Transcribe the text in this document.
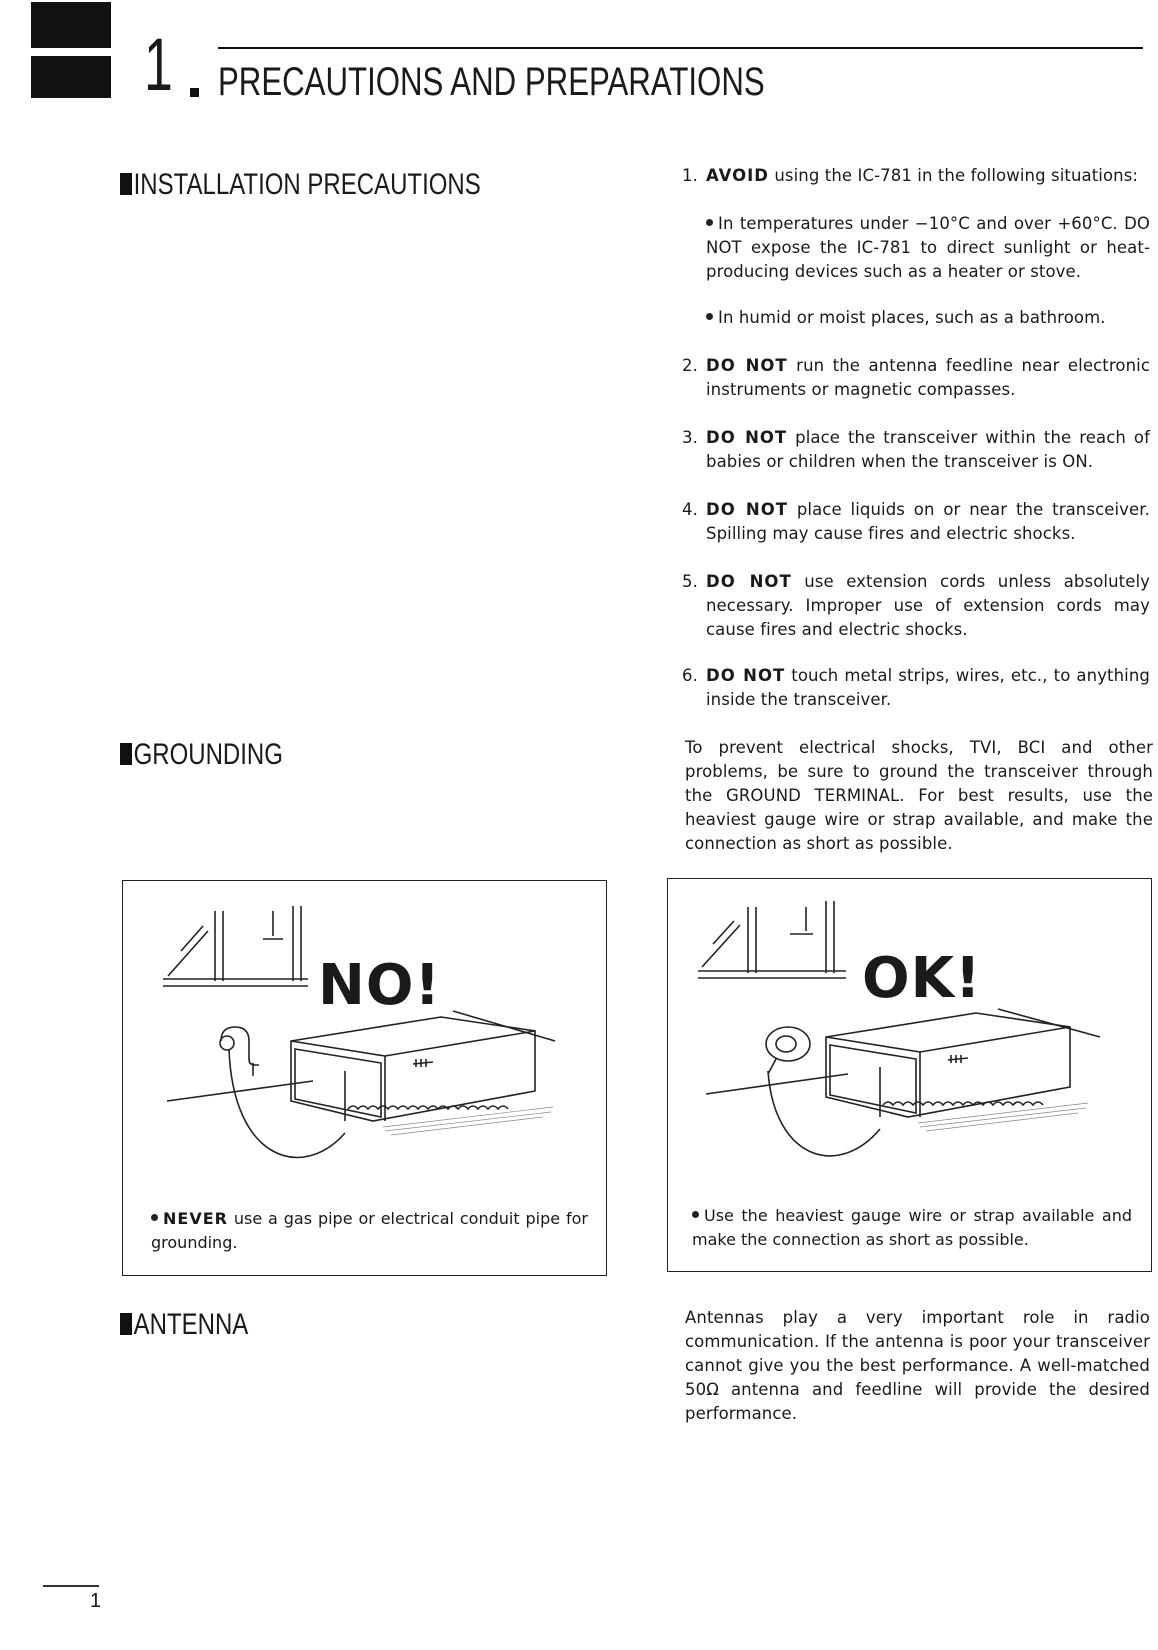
1 PRECAUTIONS AND PREPARATIONS
INSTALLATION PRECAUTIONS	1. AVOID using the IC-781 in the following situations:
In temperatures under −10°C and over +60°C. DO NOT expose the IC-781 to direct sunlight or heat-producing devices such as a heater or stove.
In humid or moist places, such as a bathroom.
2. DO NOT run the antenna feedline near electronic instruments or magnetic compasses.
3. DO NOT place the transceiver within the reach of babies or children when the transceiver is ON.
4. DO NOT place liquids on or near the transceiver. Spilling may cause fires and electric shocks.
5. DO NOT use extension cords unless absolutely necessary. Improper use of extension cords may cause fires and electric shocks.
6. DO NOT touch metal strips, wires, etc., to anything inside the transceiver.
GROUNDING	To prevent electrical shocks, TVI, BCI and other problems, be sure to ground the transceiver through the GROUND TERMINAL. For best results, use the heaviest gauge wire or strap available, and make the connection as short as possible.
NO!
NEVER use a gas pipe or electrical conduit pipe for grounding.
OK!
Use the heaviest gauge wire or strap available and make the connection as short as possible.
ANTENNA	Antennas play a very important role in radio communication. If the antenna is poor your transceiver cannot give you the best performance. A well-matched 50Ω antenna and feedline will provide the desired performance.
1
